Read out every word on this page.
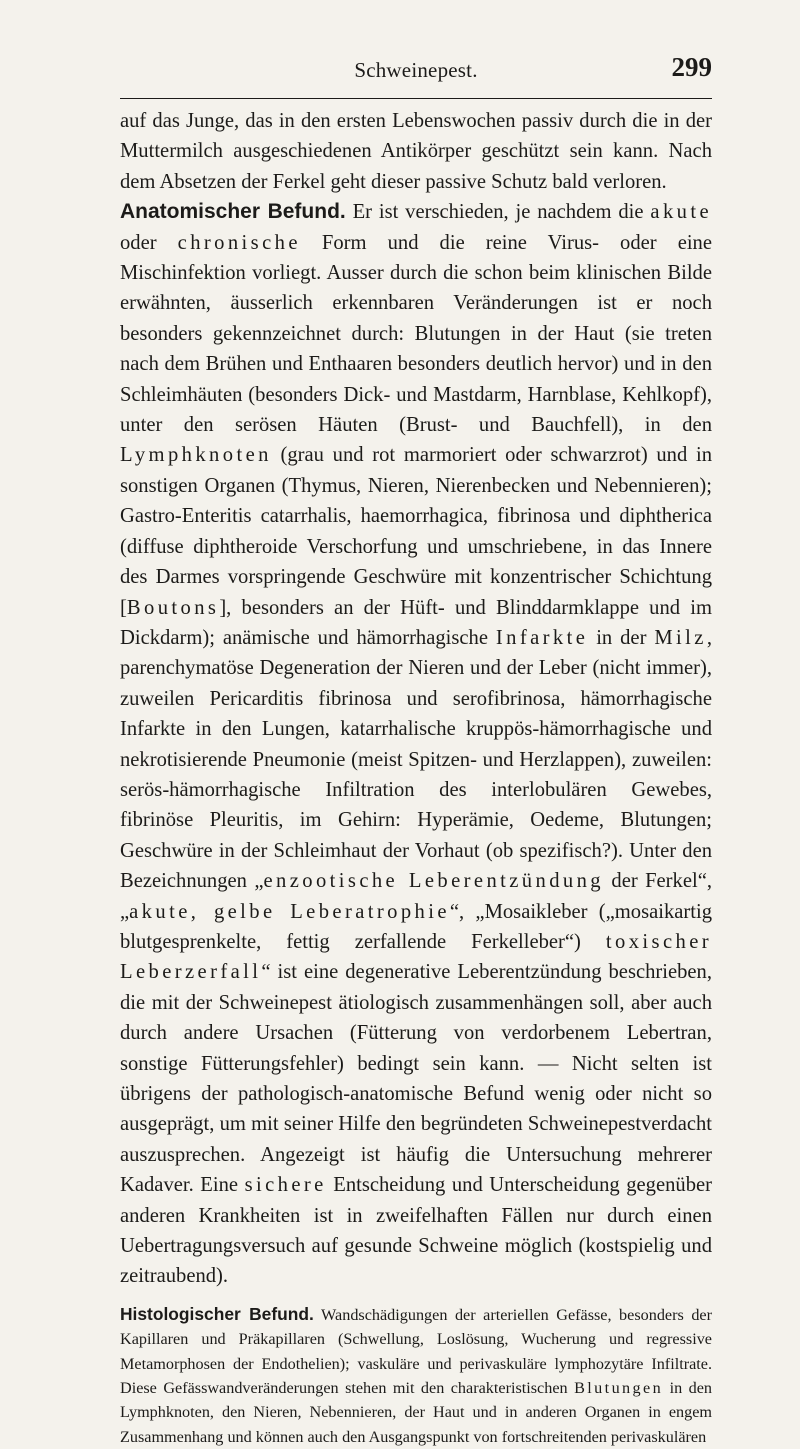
Schweinepest.	299

auf das Junge, das in den ersten Lebenswochen passiv durch die in der Muttermilch ausgeschiedenen Antikörper geschützt sein kann. Nach dem Absetzen der Ferkel geht dieser passive Schutz bald verloren.

Anatomischer Befund. Er ist verschieden, je nachdem die akute oder chronische Form und die reine Virus- oder eine Mischinfektion vorliegt. Ausser durch die schon beim klinischen Bilde erwähnten, äusserlich erkennbaren Veränderungen ist er noch besonders gekennzeichnet durch: Blutungen in der Haut (sie treten nach dem Brühen und Enthaaren besonders deutlich hervor) und in den Schleimhäuten (besonders Dick- und Mastdarm, Harnblase, Kehlkopf), unter den serösen Häuten (Brust- und Bauchfell), in den Lymphknoten (grau und rot marmoriert oder schwarzrot) und in sonstigen Organen (Thymus, Nieren, Nierenbecken und Nebennieren); Gastro-Enteritis catarrhalis, haemorrhagica, fibrinosa und diphtherica (diffuse diphtheroide Verschorfung und umschriebene, in das Innere des Darmes vorspringende Geschwüre mit konzentrischer Schichtung [Boutons], besonders an der Hüft- und Blinddarmklappe und im Dickdarm); anämische und hämorrhagische Infarkte in der Milz, parenchymatöse Degeneration der Nieren und der Leber (nicht immer), zuweilen Pericarditis fibrinosa und serofibrinosa, hämorrhagische Infarkte in den Lungen, katarrhalische kruppös-hämorrhagische und nekrotisierende Pneumonie (meist Spitzen- und Herzlappen), zuweilen: serös-hämorrhagische Infiltration des interlobulären Gewebes, fibrinöse Pleuritis, im Gehirn: Hyperämie, Oedeme, Blutungen; Geschwüre in der Schleimhaut der Vorhaut (ob spezifisch?). Unter den Bezeichnungen „enzootische Leberentzündung der Ferkel“, „akute, gelbe Leberatrophie“, „Mosaikleber („mosaikartig blutgesprenkelte, fettig zerfallende Ferkelleber“) toxischer Leberzerfall“ ist eine degenerative Leberentzündung beschrieben, die mit der Schweinepest ätiologisch zusammenhängen soll, aber auch durch andere Ursachen (Fütterung von verdorbenem Lebertran, sonstige Fütterungsfehler) bedingt sein kann. — Nicht selten ist übrigens der pathologisch-anatomische Befund wenig oder nicht so ausgeprägt, um mit seiner Hilfe den begründeten Schweinepestverdacht auszusprechen. Angezeigt ist häufig die Untersuchung mehrerer Kadaver. Eine sichere Entscheidung und Unterscheidung gegenüber anderen Krankheiten ist in zweifelhaften Fällen nur durch einen Uebertragungsversuch auf gesunde Schweine möglich (kostspielig und zeitraubend).

Histologischer Befund. Wandschädigungen der arteriellen Gefässe, besonders der Kapillaren und Präkapillaren (Schwellung, Loslösung, Wucherung und regressive Metamorphosen der Endothelien); vaskuläre und perivaskuläre lymphozytäre Infiltrate. Diese Gefässwandveränderungen stehen mit den charakteristischen Blutungen in den Lymphknoten, den Nieren, Nebennieren, der Haut und in anderen Organen in engem Zusammenhang und können auch den Ausgangspunkt von fortschreitenden perivaskulären
